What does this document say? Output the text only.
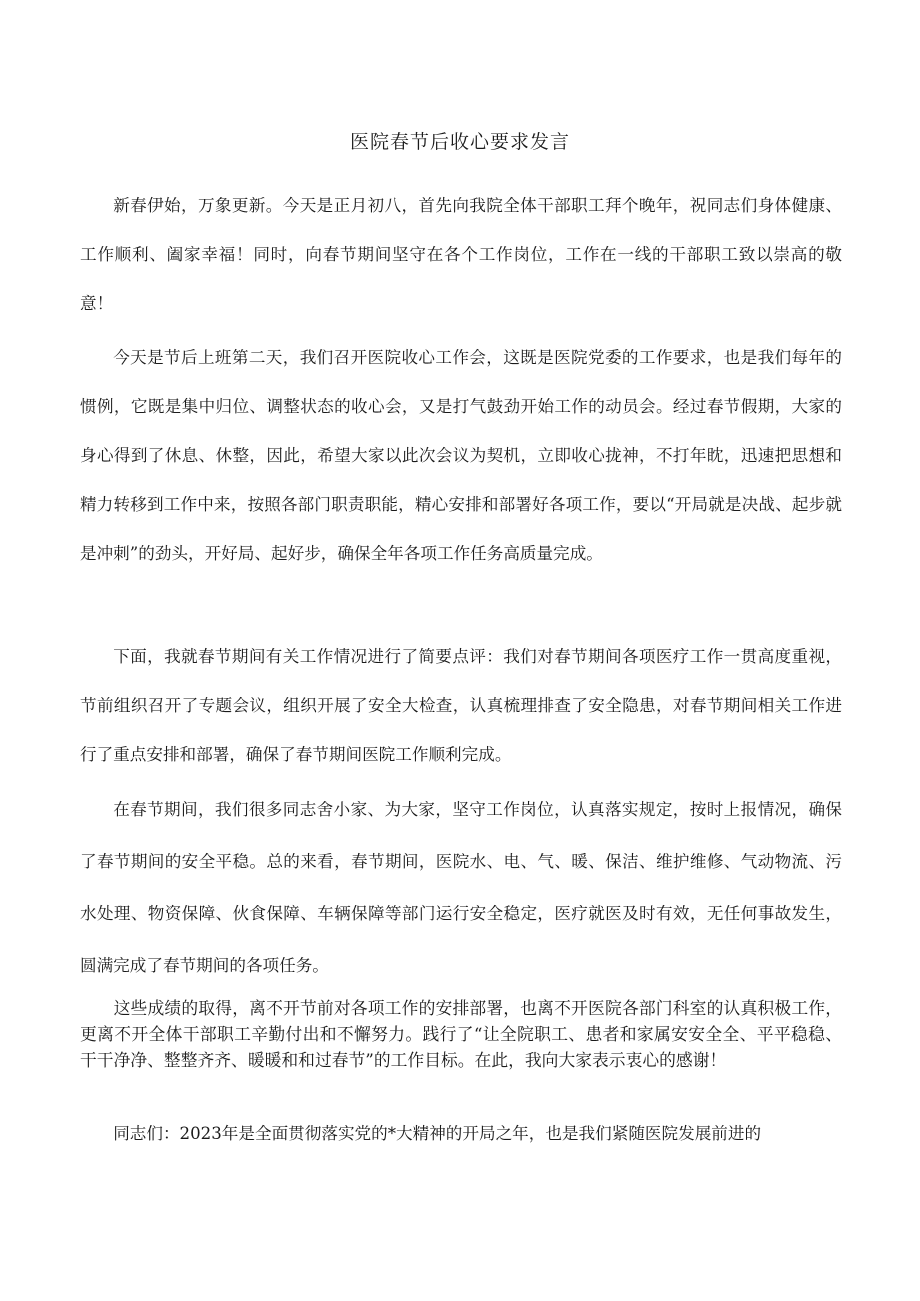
医院春节后收心要求发言

新春伊始，万象更新。今天是正月初八，首先向我院全体干部职工拜个晚年，祝同志们身体健康、工作顺利、阖家幸福！同时，向春节期间坚守在各个工作岗位，工作在一线的干部职工致以崇高的敬意！

今天是节后上班第二天，我们召开医院收心工作会，这既是医院党委的工作要求，也是我们每年的惯例，它既是集中归位、调整状态的收心会，又是打气鼓劲开始工作的动员会。经过春节假期，大家的身心得到了休息、休整，因此，希望大家以此次会议为契机，立即收心拢神，不打年眈，迅速把思想和精力转移到工作中来，按照各部门职责职能，精心安排和部署好各项工作，要以“开局就是决战、起步就是冲刺”的劲头，开好局、起好步，确保全年各项工作任务高质量完成。

下面，我就春节期间有关工作情况进行了简要点评：我们对春节期间各项医疗工作一贯高度重视，节前组织召开了专题会议，组织开展了安全大检查，认真梳理排查了安全隐患，对春节期间相关工作进行了重点安排和部署，确保了春节期间医院工作顺利完成。

在春节期间，我们很多同志舍小家、为大家，坚守工作岗位，认真落实规定，按时上报情况，确保了春节期间的安全平稳。总的来看，春节期间，医院水、电、气、暖、保洁、维护维修、气动物流、污水处理、物资保障、伙食保障、车辆保障等部门运行安全稳定，医疗就医及时有效，无任何事故发生，圆满完成了春节期间的各项任务。

这些成绩的取得，离不开节前对各项工作的安排部署，也离不开医院各部门科室的认真积极工作，更离不开全体干部职工辛勤付出和不懈努力。践行了“让全院职工、患者和家属安安全全、平平稳稳、干干净净、整整齐齐、暖暖和和过春节”的工作目标。在此，我向大家表示衷心的感谢！

同志们：2023年是全面贯彻落实党的*大精神的开局之年，也是我们紧随医院发展前进的
